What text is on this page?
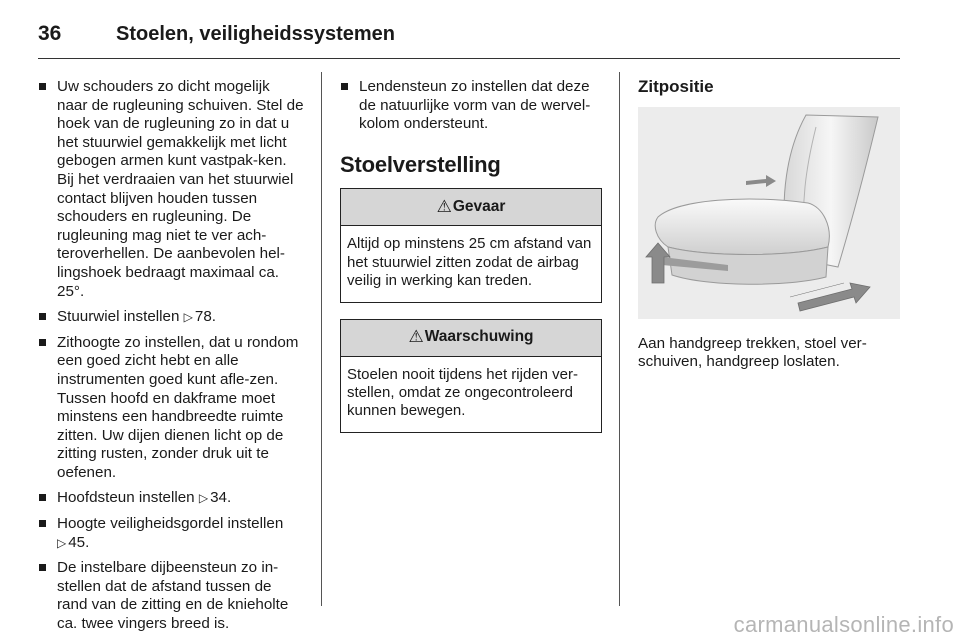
36	Stoelen, veiligheidssystemen
Uw schouders zo dicht mogelijk naar de rugleuning schuiven. Stel de hoek van de rugleuning zo in dat u het stuurwiel gemakkelijk met licht gebogen armen kunt vastpak-ken. Bij het verdraaien van het stuurwiel contact blijven houden tussen schouders en rugleuning. De rugleuning mag niet te ver ach-teroverhellen. De aanbevolen hel-lingshoek bedraagt maximaal ca. 25°.
Stuurwiel instellen ▷ 78.
Zithoogte zo instellen, dat u rondom een goed zicht hebt en alle instrumenten goed kunt afle-zen. Tussen hoofd en dakframe moet minstens een handbreedte ruimte zitten. Uw dijen dienen licht op de zitting rusten, zonder druk uit te oefenen.
Hoofdsteun instellen ▷ 34.
Hoogte veiligheidsgordel instellen
▷ 45.
De instelbare dijbeensteun zo in-stellen dat de afstand tussen de rand van de zitting en de knieholte ca. twee vingers breed is.
Lendensteun zo instellen dat deze de natuurlijke vorm van de wervel-kolom ondersteunt.
Stoelverstelling
⚠ Gevaar
Altijd op minstens 25 cm afstand van het stuurwiel zitten zodat de airbag veilig in werking kan treden.
⚠ Waarschuwing
Stoelen nooit tijdens het rijden ver-stellen, omdat ze ongecontroleerd kunnen bewegen.
Zitpositie
Aan handgreep trekken, stoel ver-schuiven, handgreep loslaten.
carmanualsonline.info
